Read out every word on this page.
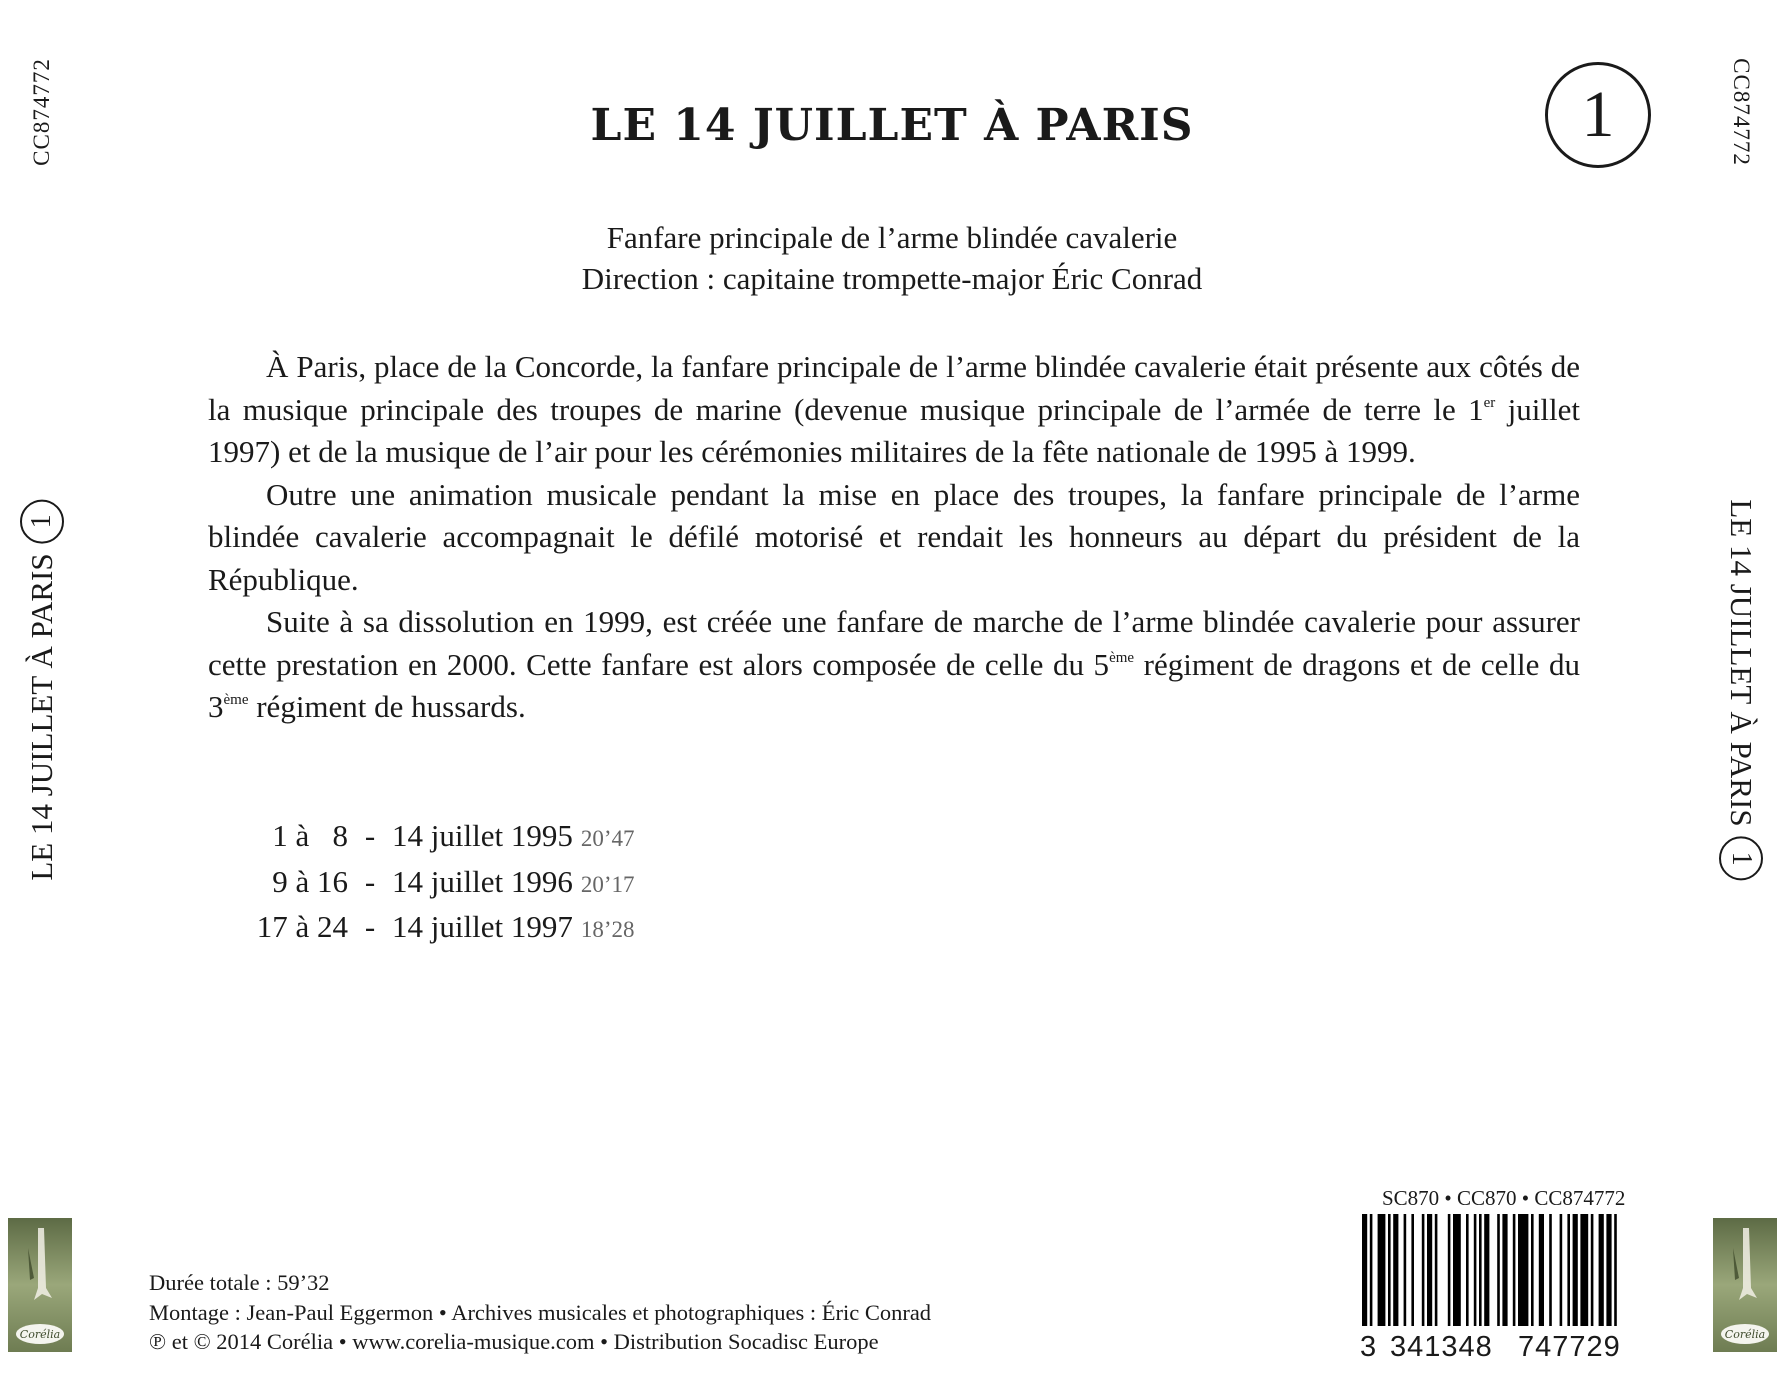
CC874772
LE 14 JUILLET À PARIS
1
CC874772
LE 14 JUILLET À PARIS
1
LE 14 JUILLET À PARIS	1
Fanfare principale de l’arme blindée cavalerie
Direction : capitaine trompette-major Éric Conrad

À Paris, place de la Concorde, la fanfare principale de l’arme blindée cavalerie était présente aux côtés de la musique principale des troupes de marine (devenue musique principale de l’armée de terre le 1er juillet 1997) et de la musique de l’air pour les cérémonies militaires de la fête nationale de 1995 à 1999.

Outre une animation musicale pendant la mise en place des troupes, la fanfare principale de l’arme blindée cavalerie accompagnait le défilé motorisé et rendait les honneurs au départ du président de la République.

Suite à sa dissolution en 1999, est créée une fanfare de marche de l’arme blindée cavalerie pour assurer cette prestation en 2000. Cette fanfare est alors composée de celle du 5ème régiment de dragons et de celle du 3ème régiment de hussards.

1 à   8 - 14 juillet 1995 20’47
9 à 16 - 14 juillet 1996 20’17
17 à 24 - 14 juillet 1997 18’28
Durée totale : 59’32
Montage : Jean-Paul Eggermon • Archives musicales et photographiques : Éric Conrad
℗ et © 2014 Corélia • www.corelia-musique.com • Distribution Socadisc Europe
SC870 • CC870 • CC874772

3

341348

747729

Corélia	Corélia
